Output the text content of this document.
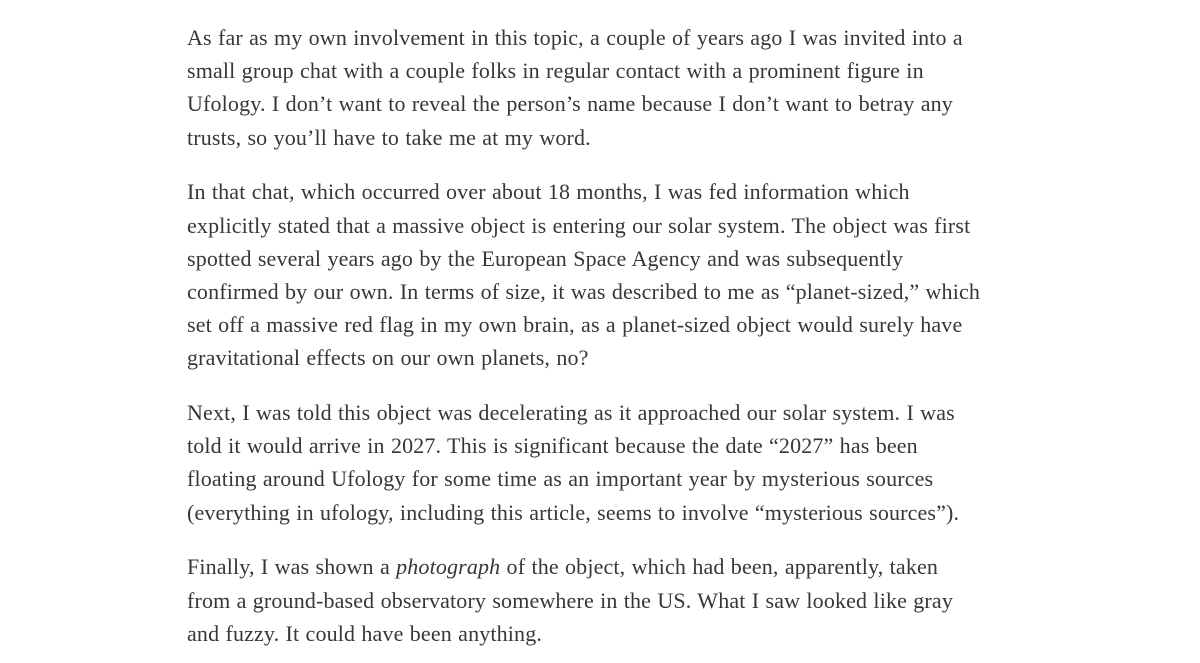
As far as my own involvement in this topic, a couple of years ago I was invited into a small group chat with a couple folks in regular contact with a prominent figure in Ufology. I don’t want to reveal the person’s name because I don’t want to betray any trusts, so you’ll have to take me at my word.

In that chat, which occurred over about 18 months, I was fed information which explicitly stated that a massive object is entering our solar system. The object was first spotted several years ago by the European Space Agency and was subsequently confirmed by our own. In terms of size, it was described to me as “planet-sized,” which set off a massive red flag in my own brain, as a planet-sized object would surely have gravitational effects on our own planets, no?

Next, I was told this object was decelerating as it approached our solar system. I was told it would arrive in 2027. This is significant because the date “2027” has been floating around Ufology for some time as an important year by mysterious sources (everything in ufology, including this article, seems to involve “mysterious sources”).

Finally, I was shown a photograph of the object, which had been, apparently, taken from a ground-based observatory somewhere in the US. What I saw looked like gray and fuzzy. It could have been anything.
